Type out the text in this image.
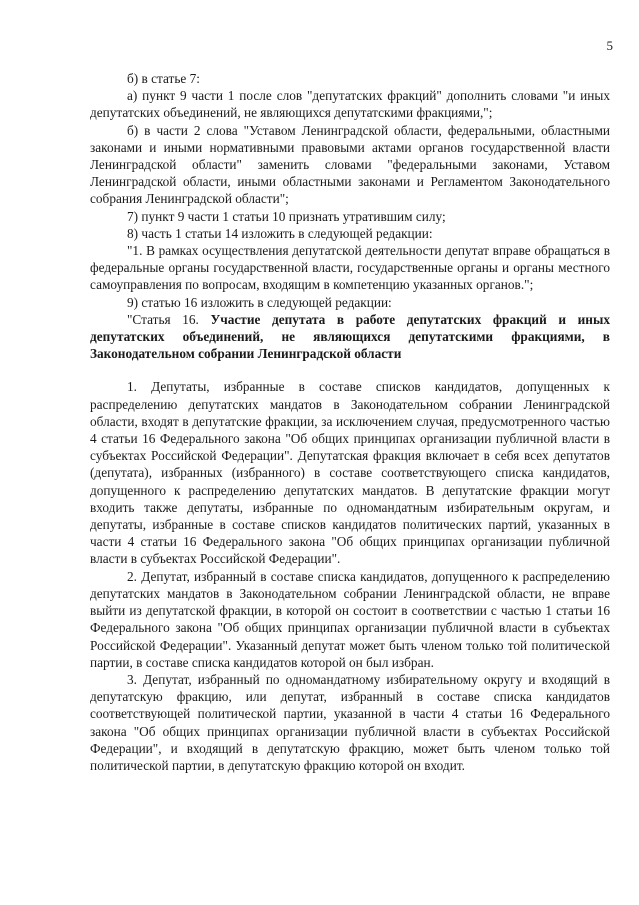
5

б) в статье 7:

а) пункт 9 части 1 после слов "депутатских фракций" дополнить словами "и иных депутатских объединений, не являющихся депутатскими фракциями,";

б) в части 2 слова "Уставом Ленинградской области, федеральными, областными законами и иными нормативными правовыми актами органов государственной власти Ленинградской области" заменить словами "федеральными законами, Уставом Ленинградской области, иными областными законами и Регламентом Законодательного собрания Ленинградской области";

7) пункт 9 части 1 статьи 10 признать утратившим силу;

8) часть 1 статьи 14 изложить в следующей редакции:

"1. В рамках осуществления депутатской деятельности депутат вправе обращаться в федеральные органы государственной власти, государственные органы и органы местного самоуправления по вопросам, входящим в компетенцию указанных органов.";

9) статью 16 изложить в следующей редакции:

"Статья 16. Участие депутата в работе депутатских фракций и иных депутатских объединений, не являющихся депутатскими фракциями, в Законодательном собрании Ленинградской области

1. Депутаты, избранные в составе списков кандидатов, допущенных к распределению депутатских мандатов в Законодательном собрании Ленинградской области, входят в депутатские фракции, за исключением случая, предусмотренного частью 4 статьи 16 Федерального закона "Об общих принципах организации публичной власти в субъектах Российской Федерации". Депутатская фракция включает в себя всех депутатов (депутата), избранных (избранного) в составе соответствующего списка кандидатов, допущенного к распределению депутатских мандатов. В депутатские фракции могут входить также депутаты, избранные по одномандатным избирательным округам, и депутаты, избранные в составе списков кандидатов политических партий, указанных в части 4 статьи 16 Федерального закона "Об общих принципах организации публичной власти в субъектах Российской Федерации".

2. Депутат, избранный в составе списка кандидатов, допущенного к распределению депутатских мандатов в Законодательном собрании Ленинградской области, не вправе выйти из депутатской фракции, в которой он состоит в соответствии с частью 1 статьи 16 Федерального закона "Об общих принципах организации публичной власти в субъектах Российской Федерации". Указанный депутат может быть членом только той политической партии, в составе списка кандидатов которой он был избран.

3. Депутат, избранный по одномандатному избирательному округу и входящий в депутатскую фракцию, или депутат, избранный в составе списка кандидатов соответствующей политической партии, указанной в части 4 статьи 16 Федерального закона "Об общих принципах организации публичной власти в субъектах Российской Федерации", и входящий в депутатскую фракцию, может быть членом только той политической партии, в депутатскую фракцию которой он входит.
